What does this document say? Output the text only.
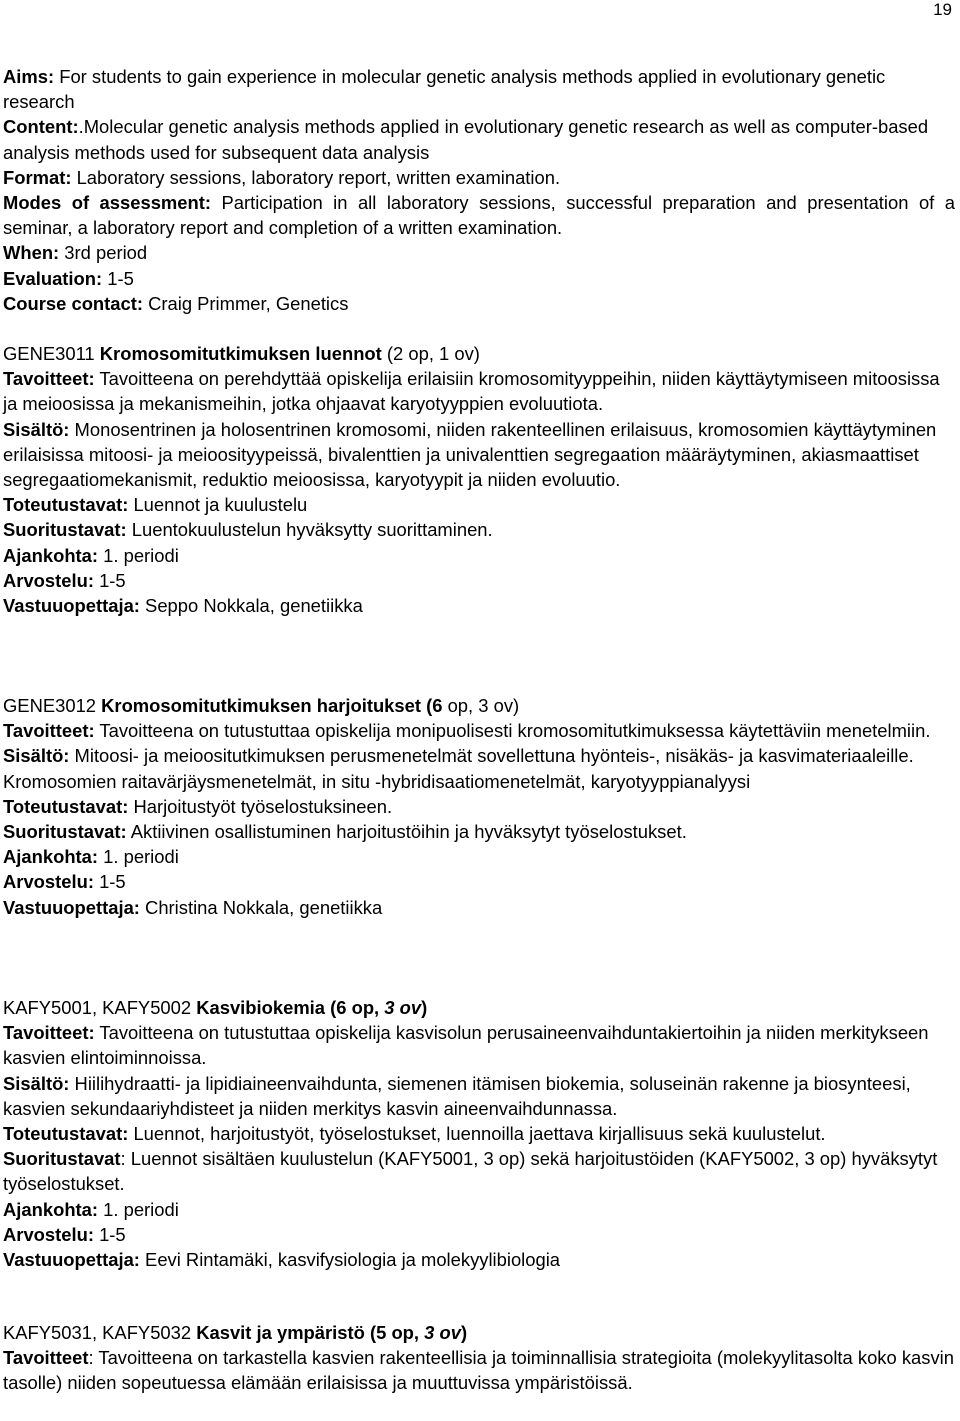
19

Aims: For students to gain experience in molecular genetic analysis methods applied in evolutionary genetic research

Content:.Molecular genetic analysis methods applied in evolutionary genetic research as well as computer-based analysis methods used for subsequent data analysis

Format: Laboratory sessions, laboratory report, written examination.

Modes of assessment: Participation in all laboratory sessions, successful preparation and presentation of a seminar, a laboratory report and completion of a written examination.

When: 3rd period

Evaluation: 1-5

Course contact: Craig Primmer, Genetics

GENE3011 Kromosomitutkimuksen luennot (2 op, 1 ov)

Tavoitteet: Tavoitteena on perehdyttää opiskelija erilaisiin kromosomityyppeihin, niiden käyttäytymiseen mitoosissa ja meioosissa ja mekanismeihin, jotka ohjaavat karyotyyppien evoluutiota.

Sisältö: Monosentrinen ja holosentrinen kromosomi, niiden rakenteellinen erilaisuus, kromosomien käyttäytyminen erilaisissa mitoosi- ja meioosityypeissä, bivalenttien ja univalenttien segregaation määräytyminen, akiasmaattiset segregaatiomekanismit, reduktio meioosissa, karyotyypit ja niiden evoluutio.

Toteutustavat: Luennot ja kuulustelu

Suoritustavat: Luentokuulustelun hyväksytty suorittaminen.

Ajankohta: 1. periodi

Arvostelu: 1-5

Vastuuopettaja: Seppo Nokkala, genetiikka

GENE3012 Kromosomitutkimuksen harjoitukset (6 op, 3 ov)

Tavoitteet: Tavoitteena on tutustuttaa opiskelija monipuolisesti kromosomitutkimuksessa käytettäviin menetelmiin.

Sisältö: Mitoosi- ja meioositutkimuksen perusmenetelmät sovellettuna hyönteis-, nisäkäs- ja kasvimateriaaleille. Kromosomien raitavärjäysmenetelmät, in situ -hybridisaatiomenetelmät, karyotyyppianalyysi

Toteutustavat: Harjoitustyöt työselostuksineen.

Suoritustavat: Aktiivinen osallistuminen harjoitustöihin ja hyväksytyt työselostukset.

Ajankohta: 1. periodi

Arvostelu: 1-5

Vastuuopettaja: Christina Nokkala, genetiikka

KAFY5001, KAFY5002 Kasvibiokemia (6 op, 3 ov)

Tavoitteet: Tavoitteena on tutustuttaa opiskelija kasvisolun perusaineenvaihduntakiertoihin ja niiden merkitykseen kasvien elintoiminnoissa.

Sisältö: Hiilihydraatti- ja lipidiaineenvaihdunta, siemenen itämisen biokemia, soluseinän rakenne ja biosynteesi, kasvien sekundaariyhdisteet ja niiden merkitys kasvin aineenvaihdunnassa.

Toteutustavat: Luennot, harjoitustyöt, työselostukset, luennoilla jaettava kirjallisuus sekä kuulustelut.

Suoritustavat: Luennot sisältäen kuulustelun (KAFY5001, 3 op) sekä harjoitustöiden (KAFY5002, 3 op) hyväksytyt työselostukset.

Ajankohta: 1. periodi

Arvostelu: 1-5

Vastuuopettaja: Eevi Rintamäki, kasvifysiologia ja molekyylibiologia

KAFY5031, KAFY5032 Kasvit ja ympäristö (5 op, 3 ov)

Tavoitteet: Tavoitteena on tarkastella kasvien rakenteellisia ja toiminnallisia strategioita (molekyylitasolta koko kasvin tasolle) niiden sopeutuessa elämään erilaisissa ja muuttuvissa ympäristöissä.
